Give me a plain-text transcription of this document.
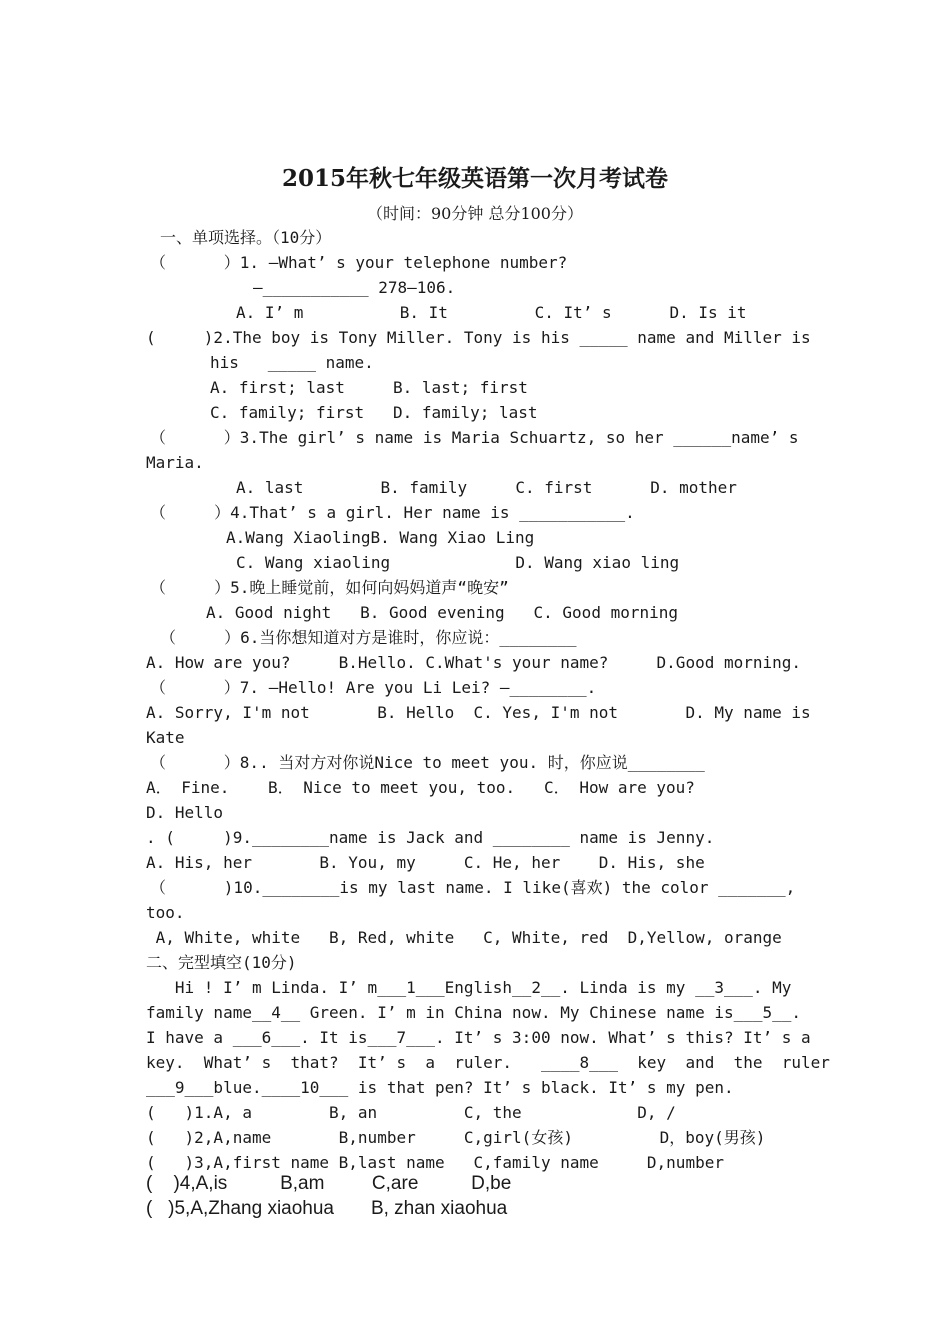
2015年秋七年级英语第一次月考试卷
（时间：90分钟 总分100分）
一、单项选择。（10分）
（      ）1. —What’ s your telephone number?
—___________ 278—106.
A. I’ m          B. It         C. It’ s      D. Is it
(     )2.The boy is Tony Miller. Tony is his _____ name and Miller is
his   _____ name.
A. first; last     B. last; first
C. family; first   D. family; last
（      ）3.The girl’ s name is Maria Schuartz, so her ______name’ s
Maria.
A. last        B. family     C. first      D. mother
（     ）4.That’ s a girl. Her name is ___________.
A.Wang XiaolingB. Wang Xiao Ling
C. Wang xiaoling             D. Wang xiao ling
（     ）5.晚上睡觉前，如何向妈妈道声“晚安”
A. Good night   B. Good evening   C. Good morning
（     ）6.当你想知道对方是谁时，你应说：________
A. How are you?     B.Hello. C.What's your name?     D.Good morning.
（      ）7. —Hello! Are you Li Lei? —________.
A. Sorry, I'm not       B. Hello  C. Yes, I'm not       D. My name is
Kate
（      ）8.. 当对方对你说Nice to meet you. 时，你应说________
A． Fine.    B． Nice to meet you, too.   C． How are you?
D. Hello
. (     )9.________name is Jack and ________ name is Jenny.
A. His, her       B. You, my     C. He, her    D. His, she
（      )10.________is my last name. I like(喜欢) the color _______,
too.
A, White, white   B, Red, white   C, White, red  D,Yellow, orange
二、完型填空(10分)
Hi ! I’ m Linda. I’ m___1___English__2__. Linda is my __3___. My
family name__4__ Green. I’ m in China now. My Chinese name is___5__.
I have a ___6___. It is___7___. It’ s 3:00 now. What’ s this? It’ s a
key.  What’ s  that?  It’ s  a  ruler.   ____8___  key  and  the  ruler
___9___blue.____10___ is that pen? It’ s black. It’ s my pen.
(   )1.A, a        B, an         C, the            D, /
(   )2,A,name       B,number     C,girl(女孩)         D，boy(男孩)
(   )3,A,first name B,last name   C,family name     D,number
(    )4,A,is          B,am         C,are          D,be
(   )5,A,Zhang xiaohua       B, zhan xiaohua
